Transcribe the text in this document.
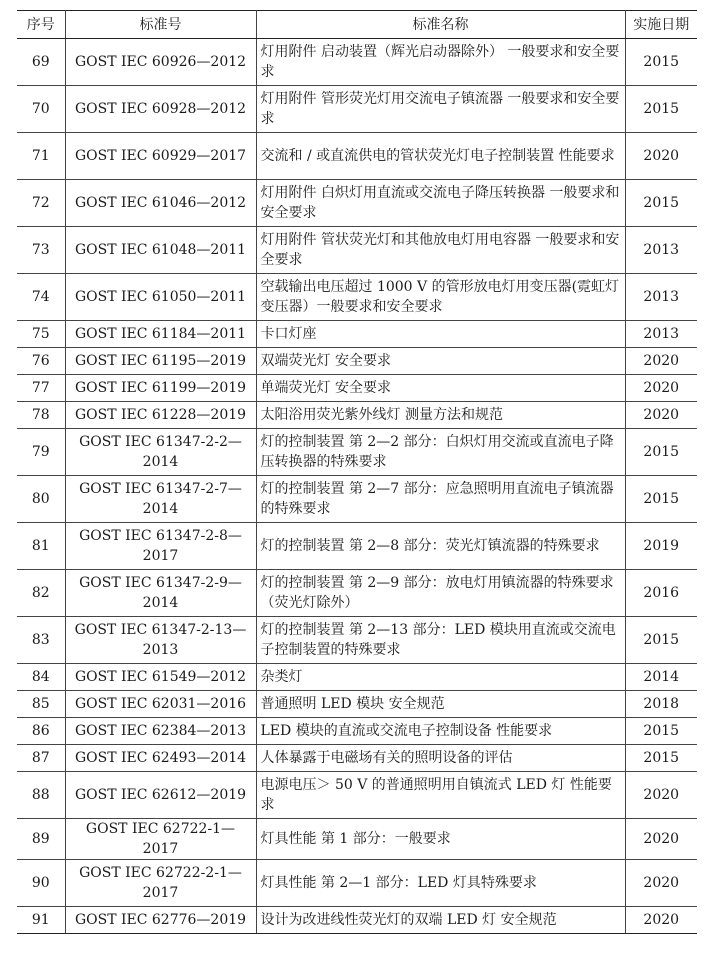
序号	标准号	标准名称	实施日期
69	GOST IEC 60926—2012	灯用附件 启动装置（辉光启动器除外） 一般要求和安全要求	2015
70	GOST IEC 60928—2012	灯用附件 管形荧光灯用交流电子镇流器 一般要求和安全要求	2015
71	GOST IEC 60929—2017	交流和 / 或直流供电的管状荧光灯电子控制装置 性能要求	2020
72	GOST IEC 61046—2012	灯用附件 白炽灯用直流或交流电子降压转换器 一般要求和安全要求	2015
73	GOST IEC 61048—2011	灯用附件 管状荧光灯和其他放电灯用电容器 一般要求和安全要求	2013
74	GOST IEC 61050—2011	空载输出电压超过 1000 V 的管形放电灯用变压器(霓虹灯变压器）一般要求和安全要求	2013
75	GOST IEC 61184—2011	卡口灯座	2013
76	GOST IEC 61195—2019	双端荧光灯 安全要求	2020
77	GOST IEC 61199—2019	单端荧光灯 安全要求	2020
78	GOST IEC 61228—2019	太阳浴用荧光紫外线灯 测量方法和规范	2020
79	GOST IEC 61347-2-2—2014	灯的控制装置 第 2—2 部分：白炽灯用交流或直流电子降压转换器的特殊要求	2015
80	GOST IEC 61347-2-7—2014	灯的控制装置 第 2—7 部分：应急照明用直流电子镇流器的特殊要求	2015
81	GOST IEC 61347-2-8—2017	灯的控制装置 第 2—8 部分：荧光灯镇流器的特殊要求	2019
82	GOST IEC 61347-2-9—2014	灯的控制装置 第 2—9 部分：放电灯用镇流器的特殊要求（荧光灯除外）	2016
83	GOST IEC 61347-2-13—2013	灯的控制装置 第 2—13 部分：LED 模块用直流或交流电子控制装置的特殊要求	2015
84	GOST IEC 61549—2012	杂类灯	2014
85	GOST IEC 62031—2016	普通照明 LED 模块 安全规范	2018
86	GOST IEC 62384—2013	LED 模块的直流或交流电子控制设备 性能要求	2015
87	GOST IEC 62493—2014	人体暴露于电磁场有关的照明设备的评估	2015
88	GOST IEC 62612—2019	电源电压＞ 50 V 的普通照明用自镇流式 LED 灯 性能要求	2020
89	GOST IEC 62722-1—2017	灯具性能 第 1 部分：一般要求	2020
90	GOST IEC 62722-2-1—2017	灯具性能 第 2—1 部分：LED 灯具特殊要求	2020
91	GOST IEC 62776—2019	设计为改进线性荧光灯的双端 LED 灯 安全规范	2020
